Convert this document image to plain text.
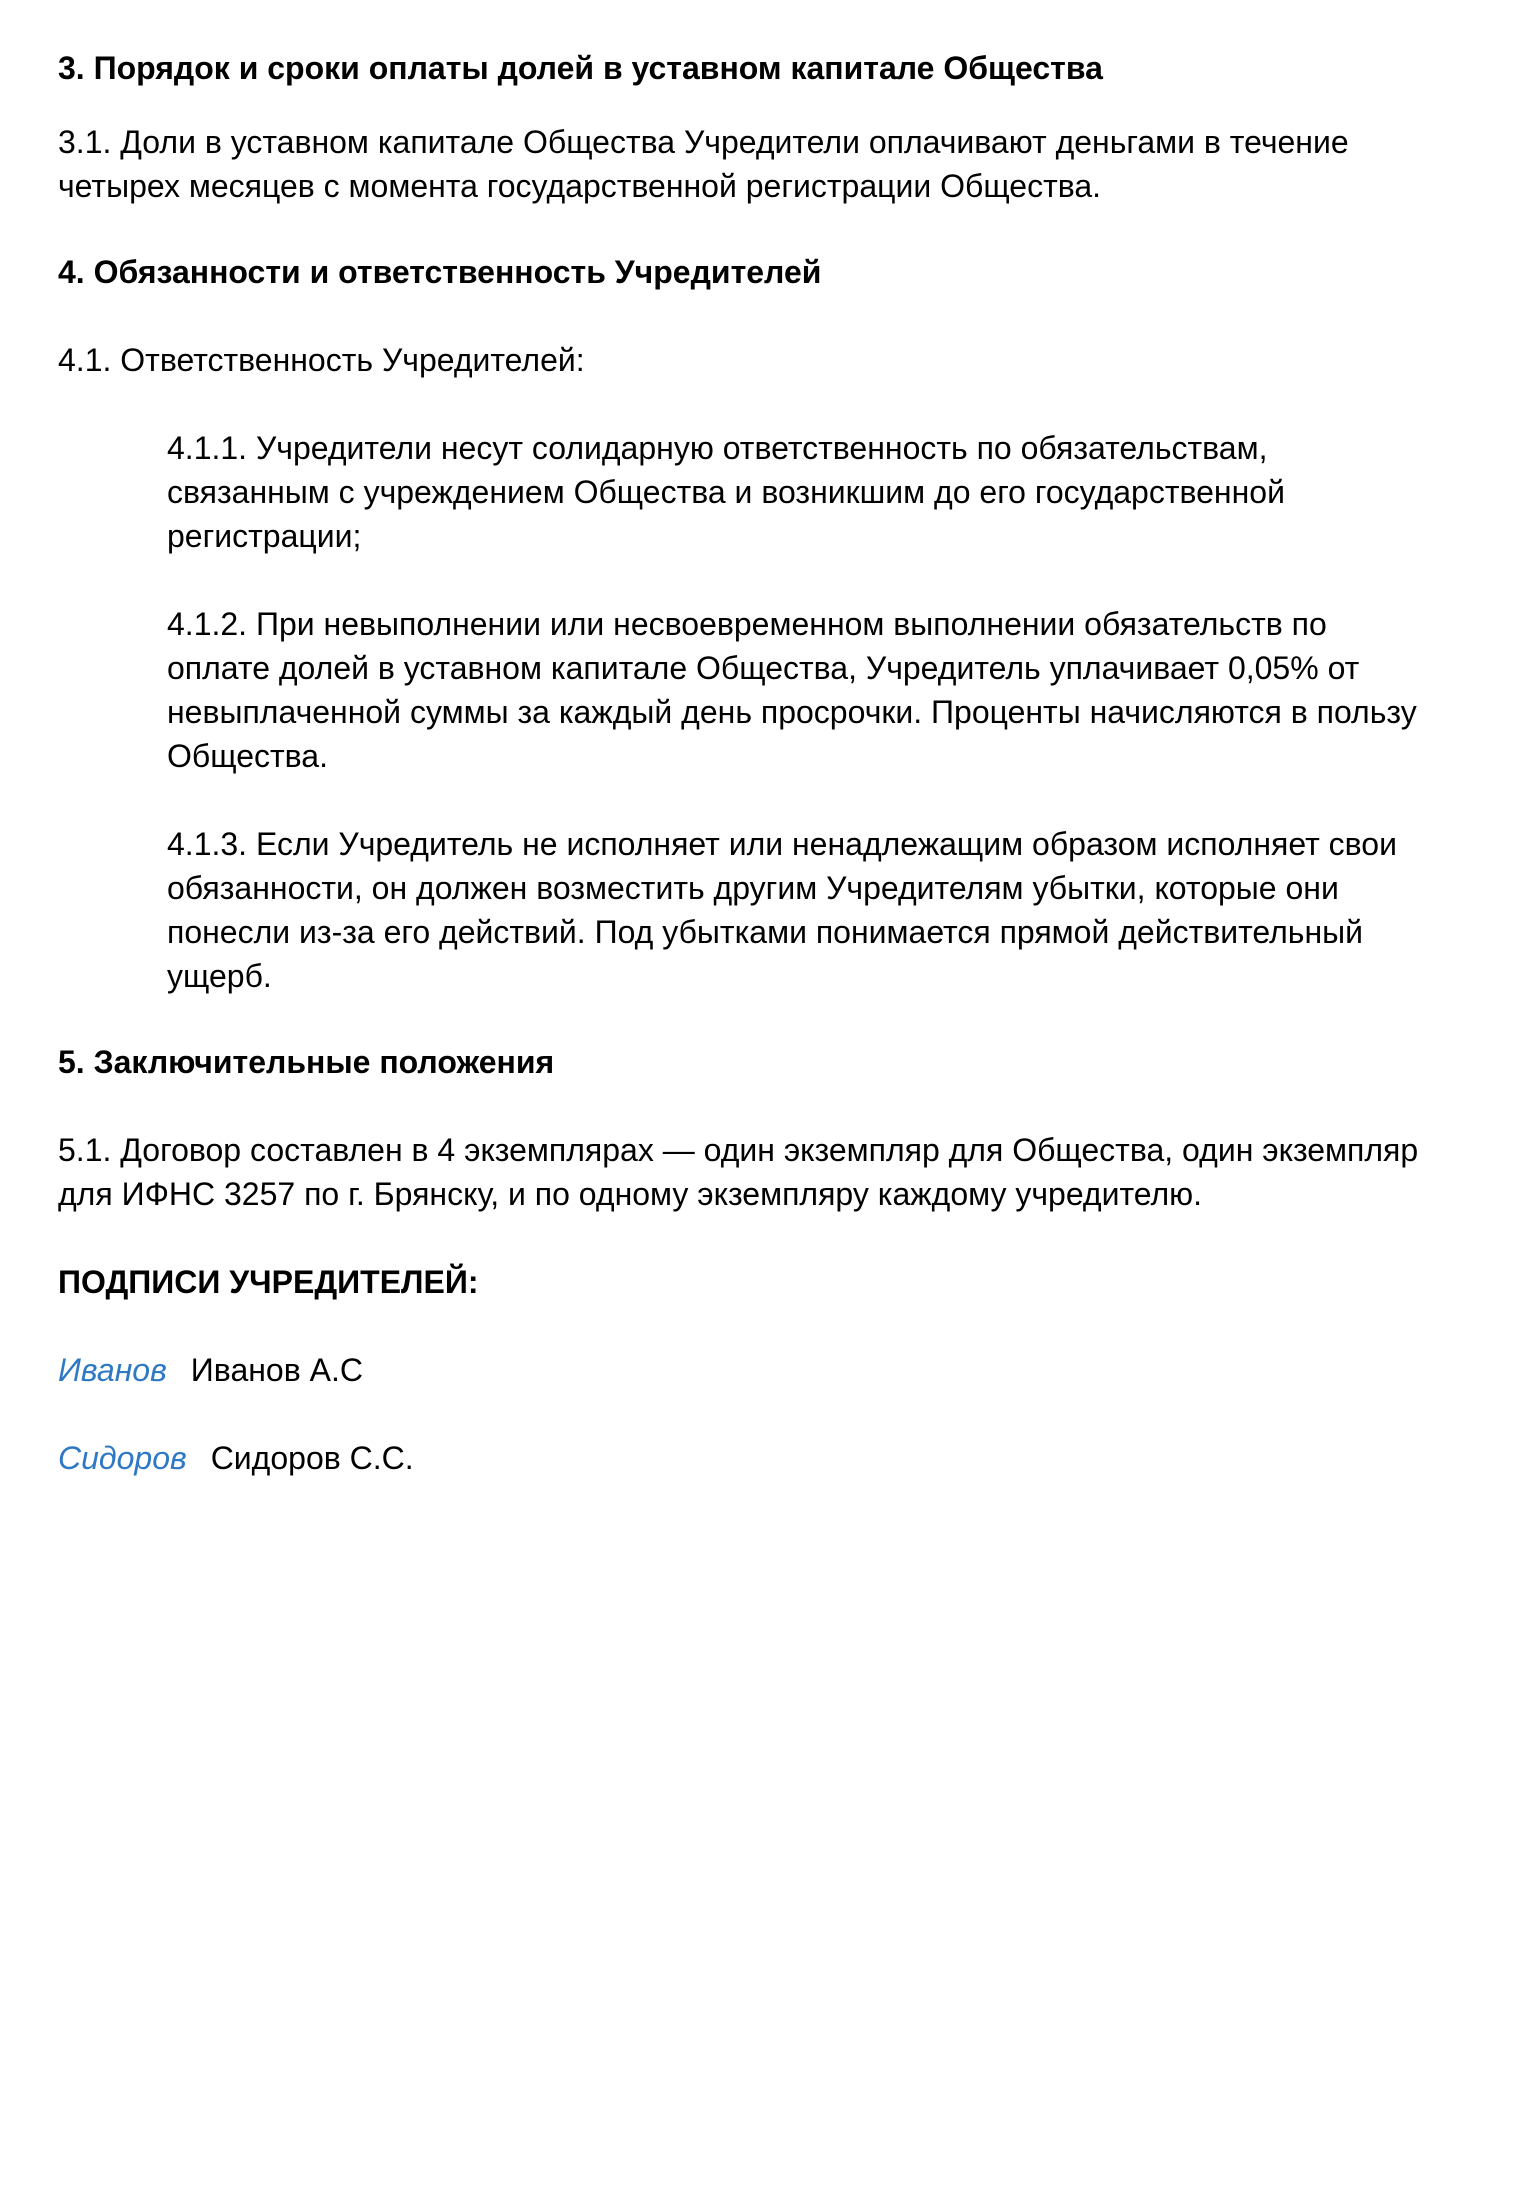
3. Порядок и сроки оплаты долей в уставном капитале Общества

3.1. Доли в уставном капитале Общества Учредители оплачивают деньгами в течение

четырех месяцев с момента государственной регистрации Общества.

4. Обязанности и ответственность Учредителей

4.1. Ответственность Учредителей:

4.1.1. Учредители несут солидарную ответственность по обязательствам,

связанным с учреждением Общества и возникшим до его государственной

регистрации;

4.1.2. При невыполнении или несвоевременном выполнении обязательств по

оплате долей в уставном капитале Общества, Учредитель уплачивает 0,05% от

невыплаченной суммы за каждый день просрочки. Проценты начисляются в пользу

Общества.

4.1.3. Если Учредитель не исполняет или ненадлежащим образом исполняет свои

обязанности, он должен возместить другим Учредителям убытки, которые они

понесли из-за его действий. Под убытками понимается прямой действительный

ущерб.

5. Заключительные положения

5.1. Договор составлен в 4 экземплярах — один экземпляр для Общества, один экземпляр

для ИФНС 3257 по г. Брянску, и по одному экземпляру каждому учредителю.

ПОДПИСИ УЧРЕДИТЕЛЕЙ:

Иванов Иванов А.С
Сидоров Сидоров С.С.
